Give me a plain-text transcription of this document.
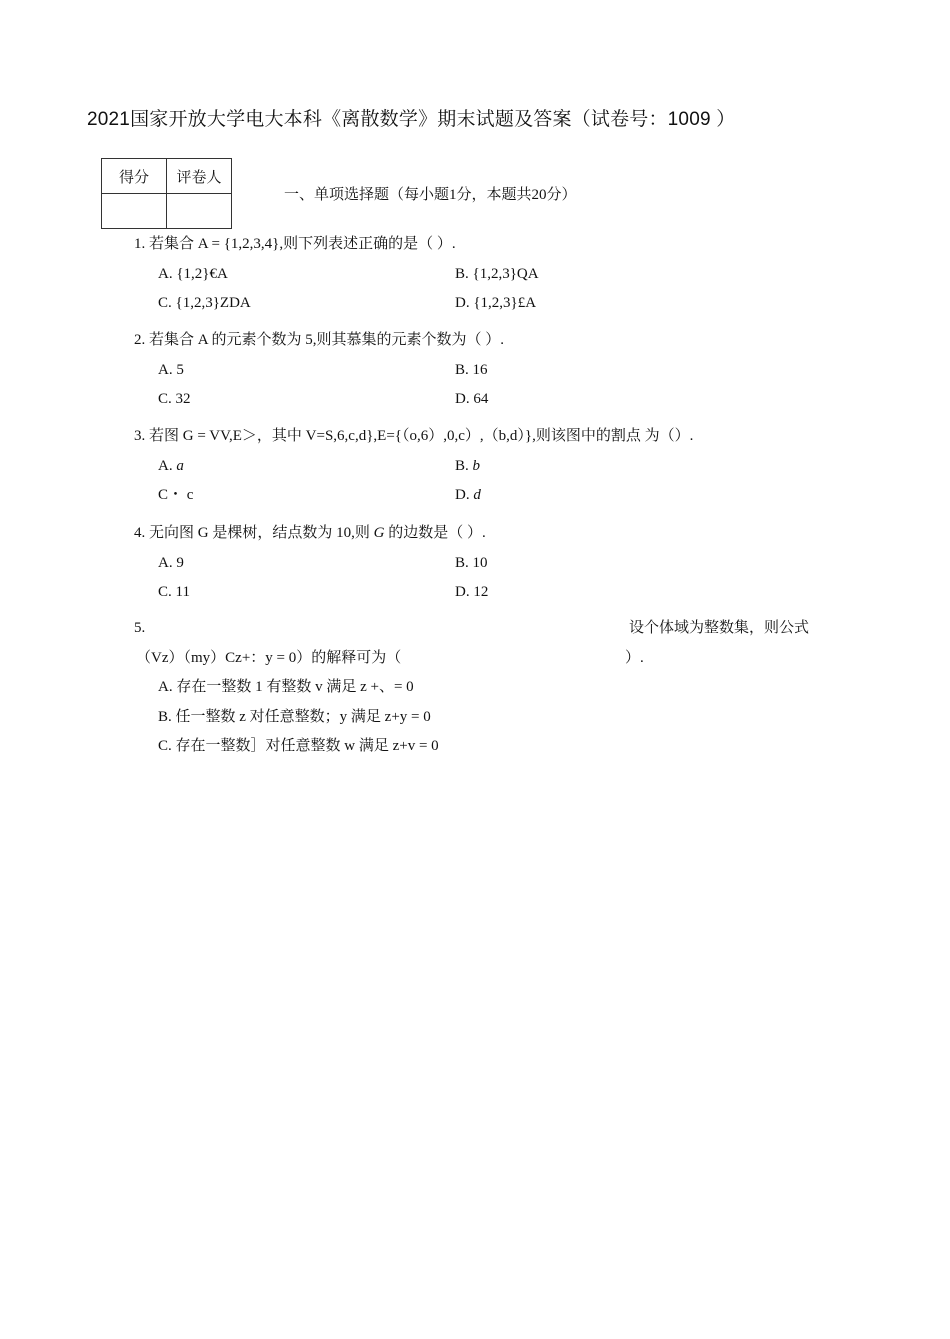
2021国家开放大学电大本科《离散数学》期末试题及答案（试卷号：1009 ）
得分	评卷人

一、单项选择题（每小题1分，本题共20分）
1. 若集合 A = {1,2,3,4},则下列表述正确的是（ ）.
A. {1,2}€A	B. {1,2,3}QA
C. {1,2,3}ZDA	D. {1,2,3}£A
2. 若集合 A 的元素个数为 5,则其慕集的元素个数为（ ）.
A. 5	B. 16
C. 32	D. 64
3. 若图 G = VV,E＞，其中 V=S,6,c,d},E={（o,6）,0,c）,（b,d）},则该图中的割点 为（）.
A. a	B. b
C・ c	D. d
4. 无向图 G 是棵树，结点数为 10,则 G 的边数是（ ）.
A. 9	B. 10
C. 11	D. 12
5.	设个体域为整数集，则公式
（Vz）（my）Cz+：y = 0）的解释可为（	）.
A. 存在一整数 1 有整数 v 满足 z +、= 0
B. 任一整数 z 对任意整数；y 满足 z+y = 0
C. 存在一整数］对任意整数 w 满足 z+v = 0
